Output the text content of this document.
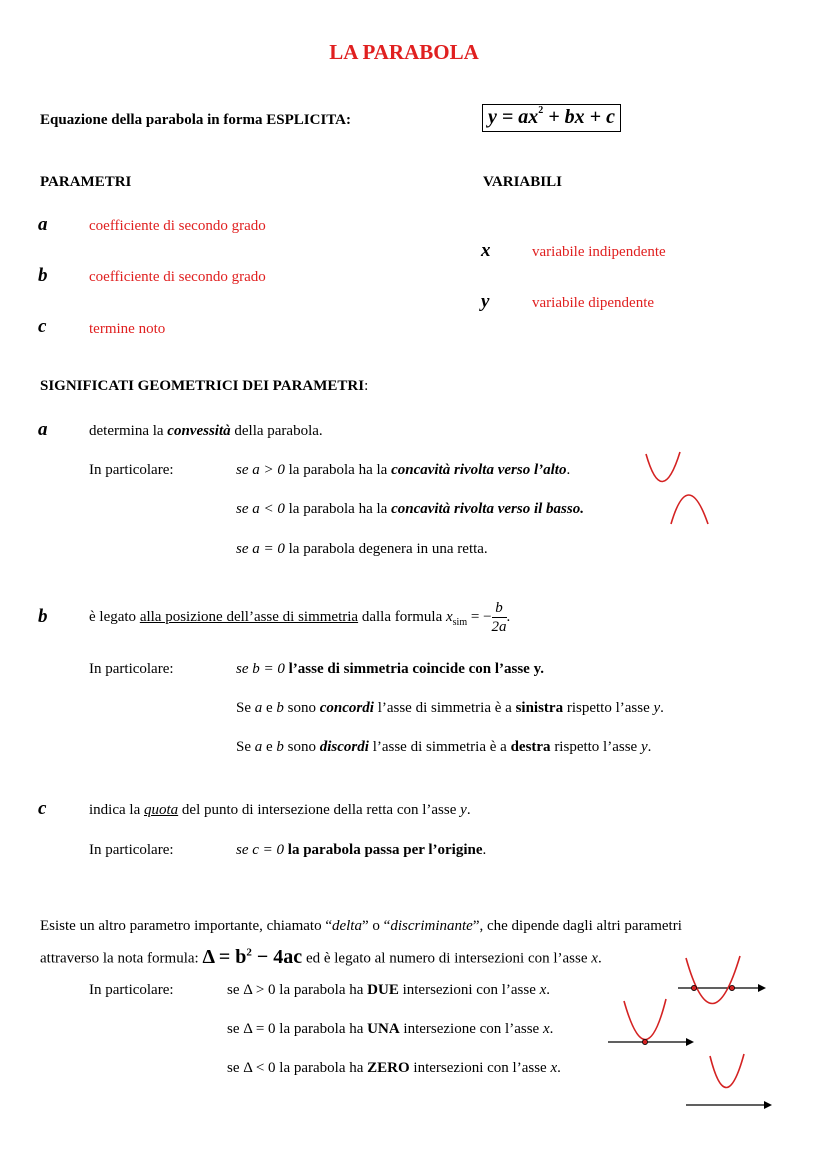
LA PARABOLA
Equazione della parabola in forma ESPLICITA:	$y = ax^2$ + bx + c
PARAMETRI	VARIABILI
a	coefficiente di secondo grado
b	coefficiente di secondo grado
c	termine noto
x	variabile indipendente
y	variabile dipendente
SIGNIFICATI GEOMETRICI DEI PARAMETRI:
a	determina la convessità della parabola.
In particolare:	se a > 0 la parabola ha la concavità rivolta verso l’alto.
se a < 0 la parabola ha la concavità rivolta verso il basso.
se a = 0 la parabola degenera in una retta.
b	è legato alla posizione dell’asse di simmetria dalla formula $x_{sim}$ = − $\frac{b}{2a}$ .
In particolare:	se b = 0 l’asse di simmetria coincide con l’asse y.
Se a e b sono concordi l’asse di simmetria è a sinistra rispetto l’asse y.
Se a e b sono discordi l’asse di simmetria è a destra rispetto l’asse y.
c	indica la quota del punto di intersezione della retta con l’asse y.
In particolare:	se c = 0 la parabola passa per l’origine.
Esiste un altro parametro importante, chiamato “delta” o “discriminante”, che dipende dagli altri parametri
attraverso la nota formula: $\Delta = b^2 - 4ac$ ed è legato al numero di intersezioni con l’asse x.
In particolare:	se Δ > 0 la parabola ha DUE intersezioni con l’asse x.
se Δ = 0 la parabola ha UNA intersezione con l’asse x.
se Δ < 0 la parabola ha ZERO intersezioni con l’asse x.
